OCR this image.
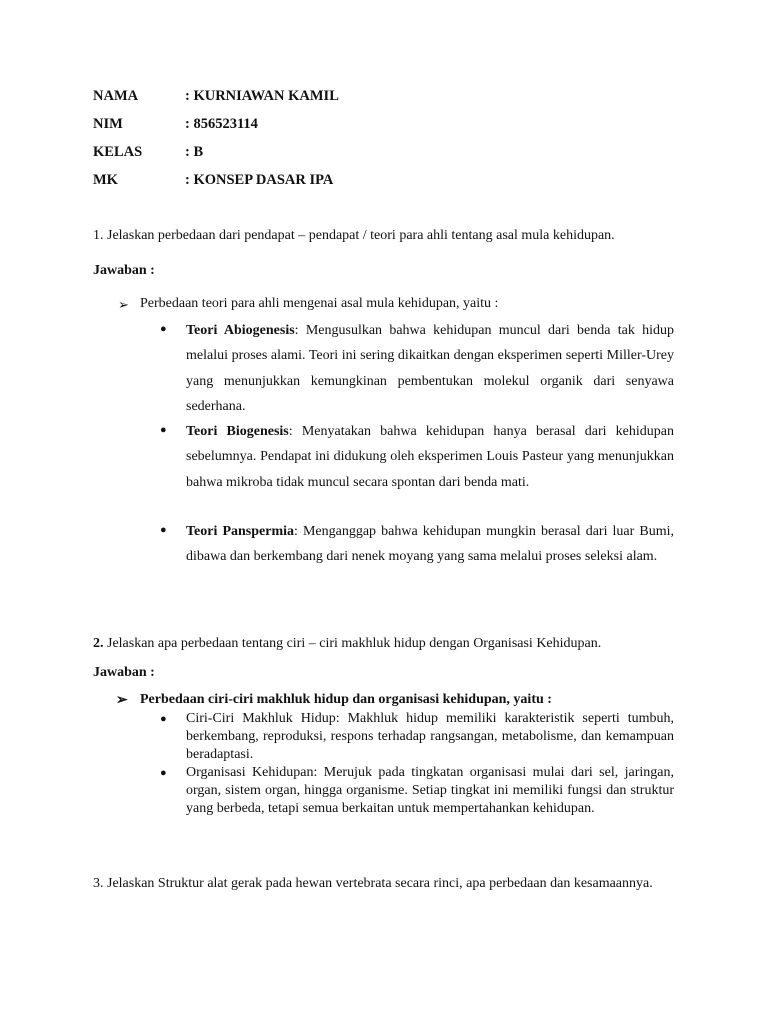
NAMA	: KURNIAWAN KAMIL
NIM	: 856523114
KELAS	: B
MK	: KONSEP DASAR IPA
1. Jelaskan perbedaan dari pendapat – pendapat / teori para ahli tentang asal mula kehidupan.
Jawaban :
➢ Perbedaan teori para ahli mengenai asal mula kehidupan, yaitu :
● Teori Abiogenesis: Mengusulkan bahwa kehidupan muncul dari benda tak hidup melalui proses alami. Teori ini sering dikaitkan dengan eksperimen seperti Miller-Urey yang menunjukkan kemungkinan pembentukan molekul organik dari senyawa sederhana.
● Teori Biogenesis: Menyatakan bahwa kehidupan hanya berasal dari kehidupan sebelumnya. Pendapat ini didukung oleh eksperimen Louis Pasteur yang menunjukkan bahwa mikroba tidak muncul secara spontan dari benda mati.
● Teori Panspermia: Menganggap bahwa kehidupan mungkin berasal dari luar Bumi, dibawa dan berkembang dari nenek moyang yang sama melalui proses seleksi alam.
2. Jelaskan apa perbedaan tentang ciri – ciri makhluk hidup dengan Organisasi Kehidupan.
Jawaban :
➢ Perbedaan ciri-ciri makhluk hidup dan organisasi kehidupan, yaitu :
● Ciri-Ciri Makhluk Hidup: Makhluk hidup memiliki karakteristik seperti tumbuh, berkembang, reproduksi, respons terhadap rangsangan, metabolisme, dan kemampuan beradaptasi.
● Organisasi Kehidupan: Merujuk pada tingkatan organisasi mulai dari sel, jaringan, organ, sistem organ, hingga organisme. Setiap tingkat ini memiliki fungsi dan struktur yang berbeda, tetapi semua berkaitan untuk mempertahankan kehidupan.
3. Jelaskan Struktur alat gerak pada hewan vertebrata secara rinci, apa perbedaan dan kesamaannya.
